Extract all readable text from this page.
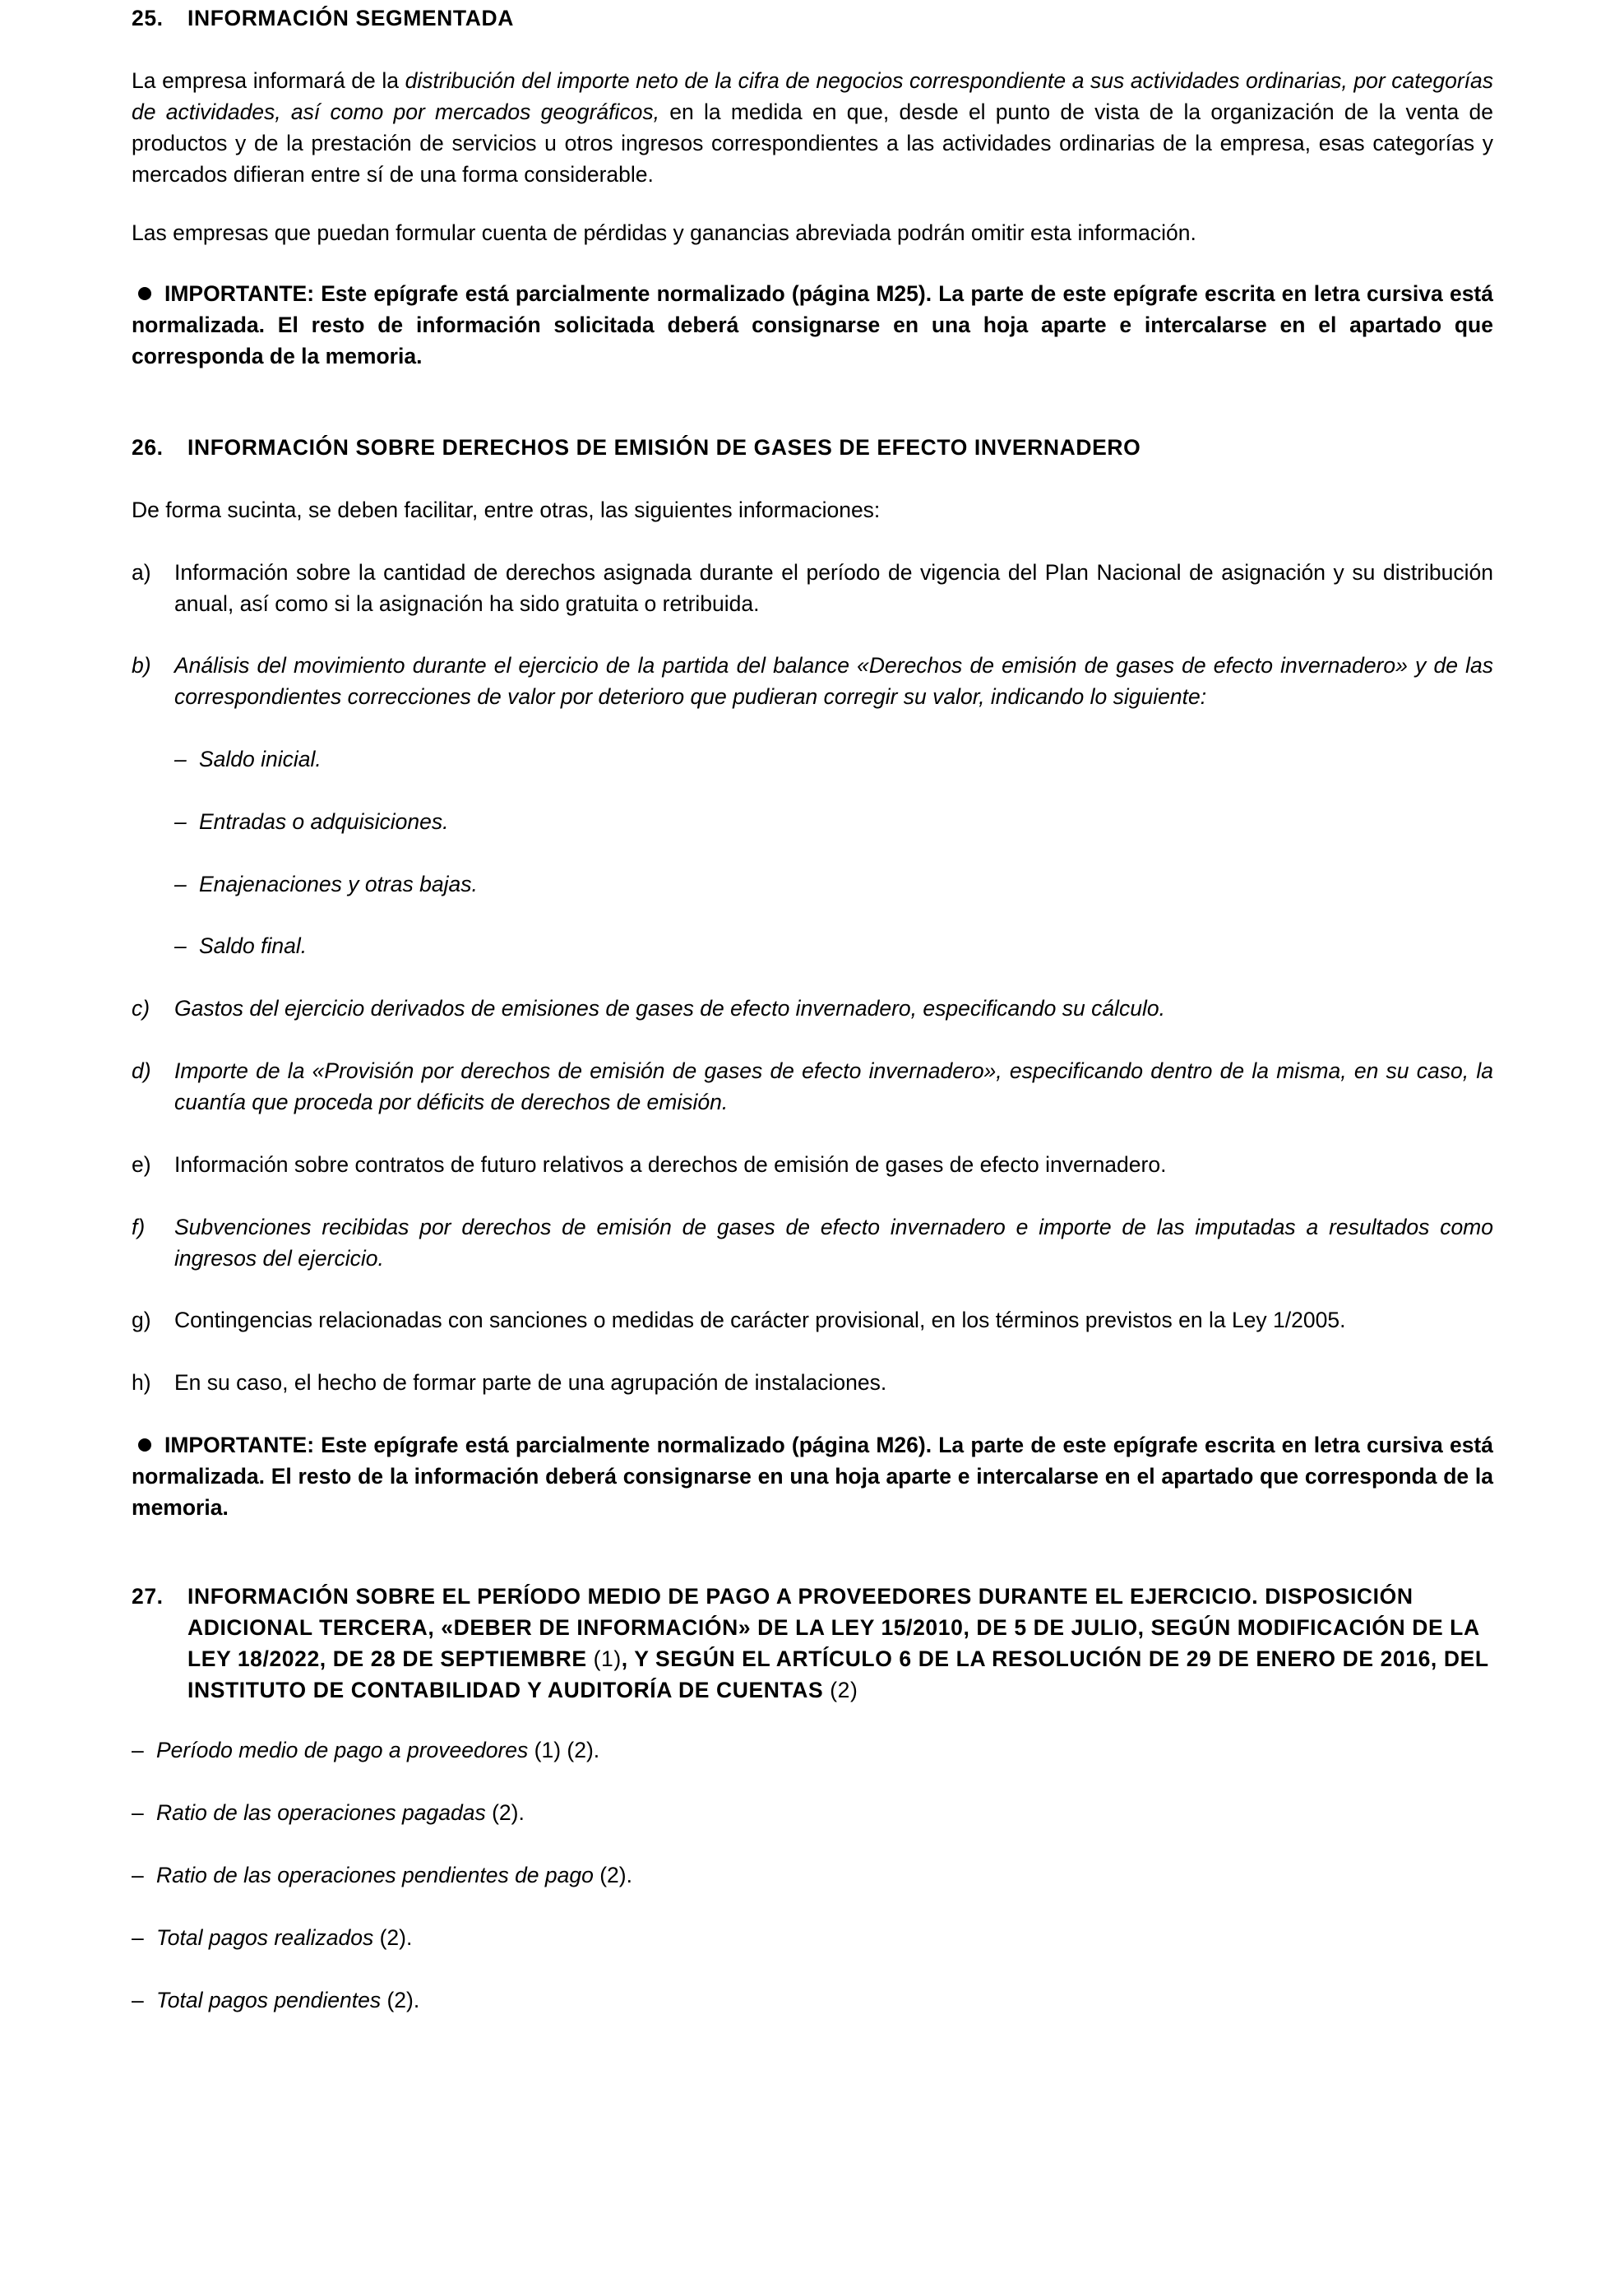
25.	INFORMACIÓN SEGMENTADA

La empresa informará de la distribución del importe neto de la cifra de negocios correspondiente a sus actividades ordinarias, por categorías de actividades, así como por mercados geográficos, en la medida en que, desde el punto de vista de la organización de la venta de productos y de la prestación de servicios u otros ingresos correspondientes a las actividades ordinarias de la empresa, esas categorías y mercados difieran entre sí de una forma considerable.

Las empresas que puedan formular cuenta de pérdidas y ganancias abreviada podrán omitir esta información.

IMPORTANTE: Este epígrafe está parcialmente normalizado (página M25). La parte de este epígrafe escrita en letra cursiva está normalizada. El resto de información solicitada deberá consignarse en una hoja aparte e intercalarse en el apartado que corresponda de la memoria.

26.	INFORMACIÓN SOBRE DERECHOS DE EMISIÓN DE GASES DE EFECTO INVERNADERO

De forma sucinta, se deben facilitar, entre otras, las siguientes informaciones:

a)	Información sobre la cantidad de derechos asignada durante el período de vigencia del Plan Nacional de asignación y su distribución anual, así como si la asignación ha sido gratuita o retribuida.
b)	Análisis del movimiento durante el ejercicio de la partida del balance «Derechos de emisión de gases de efecto invernadero» y de las correspondientes correcciones de valor por deterioro que pudieran corregir su valor, indicando lo siguiente:
– Saldo inicial.
– Entradas o adquisiciones.
– Enajenaciones y otras bajas.
– Saldo final.
c)	Gastos del ejercicio derivados de emisiones de gases de efecto invernadero, especificando su cálculo.
d)	Importe de la «Provisión por derechos de emisión de gases de efecto invernadero», especificando dentro de la misma, en su caso, la cuantía que proceda por déficits de derechos de emisión.
e)	Información sobre contratos de futuro relativos a derechos de emisión de gases de efecto invernadero.
f)	Subvenciones recibidas por derechos de emisión de gases de efecto invernadero e importe de las imputadas a resultados como ingresos del ejercicio.
g)	Contingencias relacionadas con sanciones o medidas de carácter provisional, en los términos previstos en la Ley 1/2005.
h)	En su caso, el hecho de formar parte de una agrupación de instalaciones.

IMPORTANTE: Este epígrafe está parcialmente normalizado (página M26). La parte de este epígrafe escrita en letra cursiva está normalizada. El resto de la información deberá consignarse en una hoja aparte e intercalarse en el apartado que corresponda de la memoria.

27.	INFORMACIÓN SOBRE EL PERÍODO MEDIO DE PAGO A PROVEEDORES DURANTE EL EJERCICIO. DISPOSICIÓN ADICIONAL TERCERA, «DEBER DE INFORMACIÓN» DE LA LEY 15/2010, DE 5 DE JULIO, SEGÚN MODIFICACIÓN DE LA LEY 18/2022, DE 28 DE SEPTIEMBRE (1), Y SEGÚN EL ARTÍCULO 6 DE LA RESOLUCIÓN DE 29 DE ENERO DE 2016, DEL INSTITUTO DE CONTABILIDAD Y AUDITORÍA DE CUENTAS (2)
– Período medio de pago a proveedores (1) (2).
– Ratio de las operaciones pagadas (2).
– Ratio de las operaciones pendientes de pago (2).
– Total pagos realizados (2).
– Total pagos pendientes (2).
